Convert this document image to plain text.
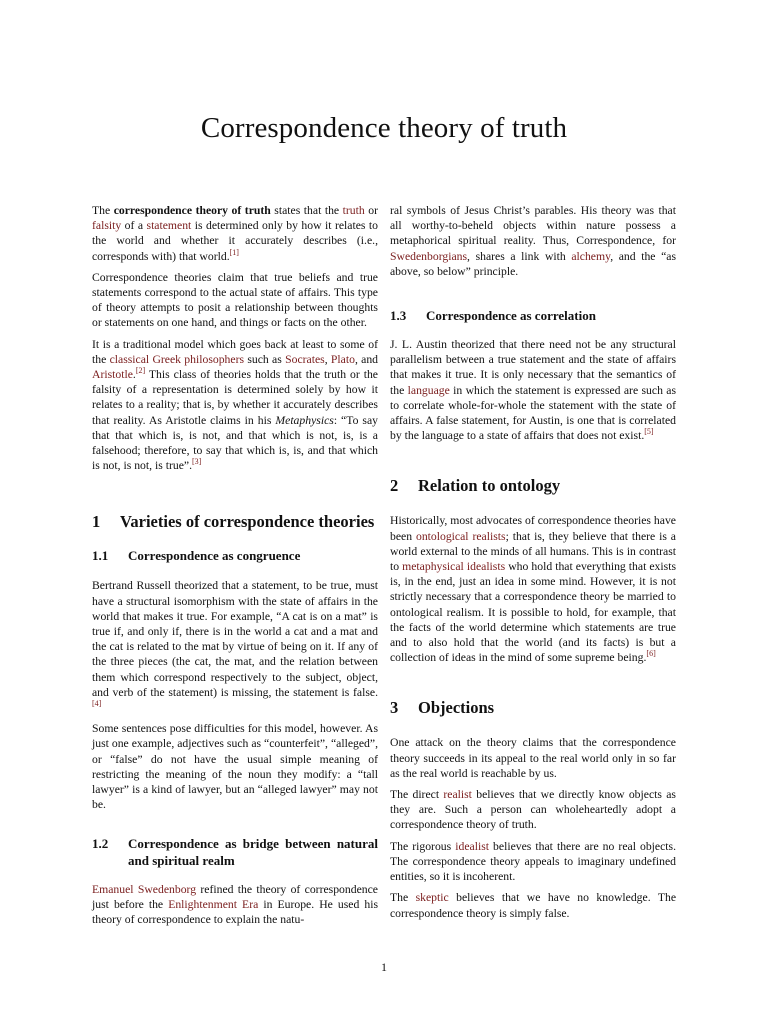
Correspondence theory of truth

The correspondence theory of truth states that the truth or falsity of a statement is determined only by how it relates to the world and whether it accurately describes (i.e., corresponds with) that world.[1]

Correspondence theories claim that true beliefs and true statements correspond to the actual state of affairs. This type of theory attempts to posit a relationship between thoughts or statements on one hand, and things or facts on the other.

It is a traditional model which goes back at least to some of the classical Greek philosophers such as Socrates, Plato, and Aristotle.[2] This class of theories holds that the truth or the falsity of a representation is determined solely by how it relates to a reality; that is, by whether it accurately describes that reality. As Aristotle claims in his Metaphysics: “To say that that which is, is not, and that which is not, is, is a falsehood; therefore, to say that which is, is, and that which is not, is not, is true”.[3]

1	Varieties of correspondence theories
1.1	Correspondence as congruence

Bertrand Russell theorized that a statement, to be true, must have a structural isomorphism with the state of affairs in the world that makes it true. For example, “A cat is on a mat” is true if, and only if, there is in the world a cat and a mat and the cat is related to the mat by virtue of being on it. If any of the three pieces (the cat, the mat, and the relation between them which correspond respectively to the subject, object, and verb of the statement) is missing, the statement is false.[4]

Some sentences pose difficulties for this model, however. As just one example, adjectives such as “counterfeit”, “alleged”, or “false” do not have the usual simple meaning of restricting the meaning of the noun they modify: a “tall lawyer” is a kind of lawyer, but an “alleged lawyer” may not be.

1.2	Correspondence as bridge between natural and spiritual realm

Emanuel Swedenborg refined the theory of correspondence just before the Enlightenment Era in Europe. He used his theory of correspondence to explain the natu-

ral symbols of Jesus Christ’s parables. His theory was that all worthy-to-beheld objects within nature possess a metaphorical spiritual reality. Thus, Correspondence, for Swedenborgians, shares a link with alchemy, and the “as above, so below” principle.

1.3	Correspondence as correlation

J. L. Austin theorized that there need not be any structural parallelism between a true statement and the state of affairs that makes it true. It is only necessary that the semantics of the language in which the statement is expressed are such as to correlate whole-for-whole the statement with the state of affairs. A false statement, for Austin, is one that is correlated by the language to a state of affairs that does not exist.[5]

2	Relation to ontology

Historically, most advocates of correspondence theories have been ontological realists; that is, they believe that there is a world external to the minds of all humans. This is in contrast to metaphysical idealists who hold that everything that exists is, in the end, just an idea in some mind. However, it is not strictly necessary that a correspondence theory be married to ontological realism. It is possible to hold, for example, that the facts of the world determine which statements are true and to also hold that the world (and its facts) is but a collection of ideas in the mind of some supreme being.[6]

3	Objections

One attack on the theory claims that the correspondence theory succeeds in its appeal to the real world only in so far as the real world is reachable by us.

The direct realist believes that we directly know objects as they are. Such a person can wholeheartedly adopt a correspondence theory of truth.

The rigorous idealist believes that there are no real objects. The correspondence theory appeals to imaginary undefined entities, so it is incoherent.

The skeptic believes that we have no knowledge. The correspondence theory is simply false.

1
